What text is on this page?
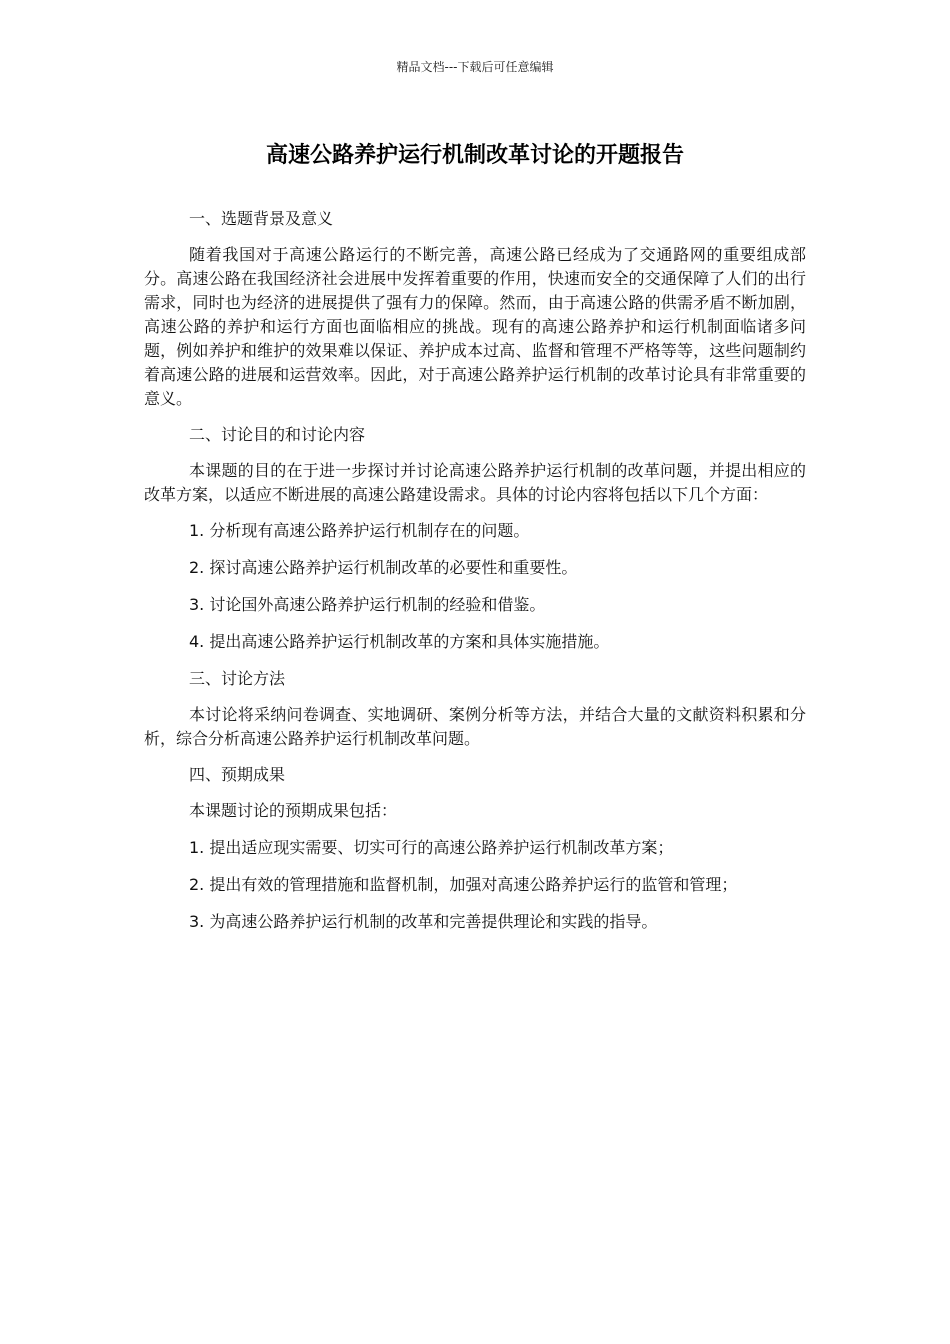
精品文档---下载后可任意编辑
高速公路养护运行机制改革讨论的开题报告
一、选题背景及意义

随着我国对于高速公路运行的不断完善，高速公路已经成为了交通路网的重要组成部分。高速公路在我国经济社会进展中发挥着重要的作用，快速而安全的交通保障了人们的出行需求，同时也为经济的进展提供了强有力的保障。然而，由于高速公路的供需矛盾不断加剧，高速公路的养护和运行方面也面临相应的挑战。现有的高速公路养护和运行机制面临诸多问题，例如养护和维护的效果难以保证、养护成本过高、监督和管理不严格等等，这些问题制约着高速公路的进展和运营效率。因此，对于高速公路养护运行机制的改革讨论具有非常重要的意义。

二、讨论目的和讨论内容

本课题的目的在于进一步探讨并讨论高速公路养护运行机制的改革问题，并提出相应的改革方案，以适应不断进展的高速公路建设需求。具体的讨论内容将包括以下几个方面：

1. 分析现有高速公路养护运行机制存在的问题。
2. 探讨高速公路养护运行机制改革的必要性和重要性。
3. 讨论国外高速公路养护运行机制的经验和借鉴。
4. 提出高速公路养护运行机制改革的方案和具体实施措施。
三、讨论方法

本讨论将采纳问卷调查、实地调研、案例分析等方法，并结合大量的文献资料积累和分析，综合分析高速公路养护运行机制改革问题。

四、预期成果
本课题讨论的预期成果包括：
1. 提出适应现实需要、切实可行的高速公路养护运行机制改革方案；
2. 提出有效的管理措施和监督机制，加强对高速公路养护运行的监管和管理；
3. 为高速公路养护运行机制的改革和完善提供理论和实践的指导。
